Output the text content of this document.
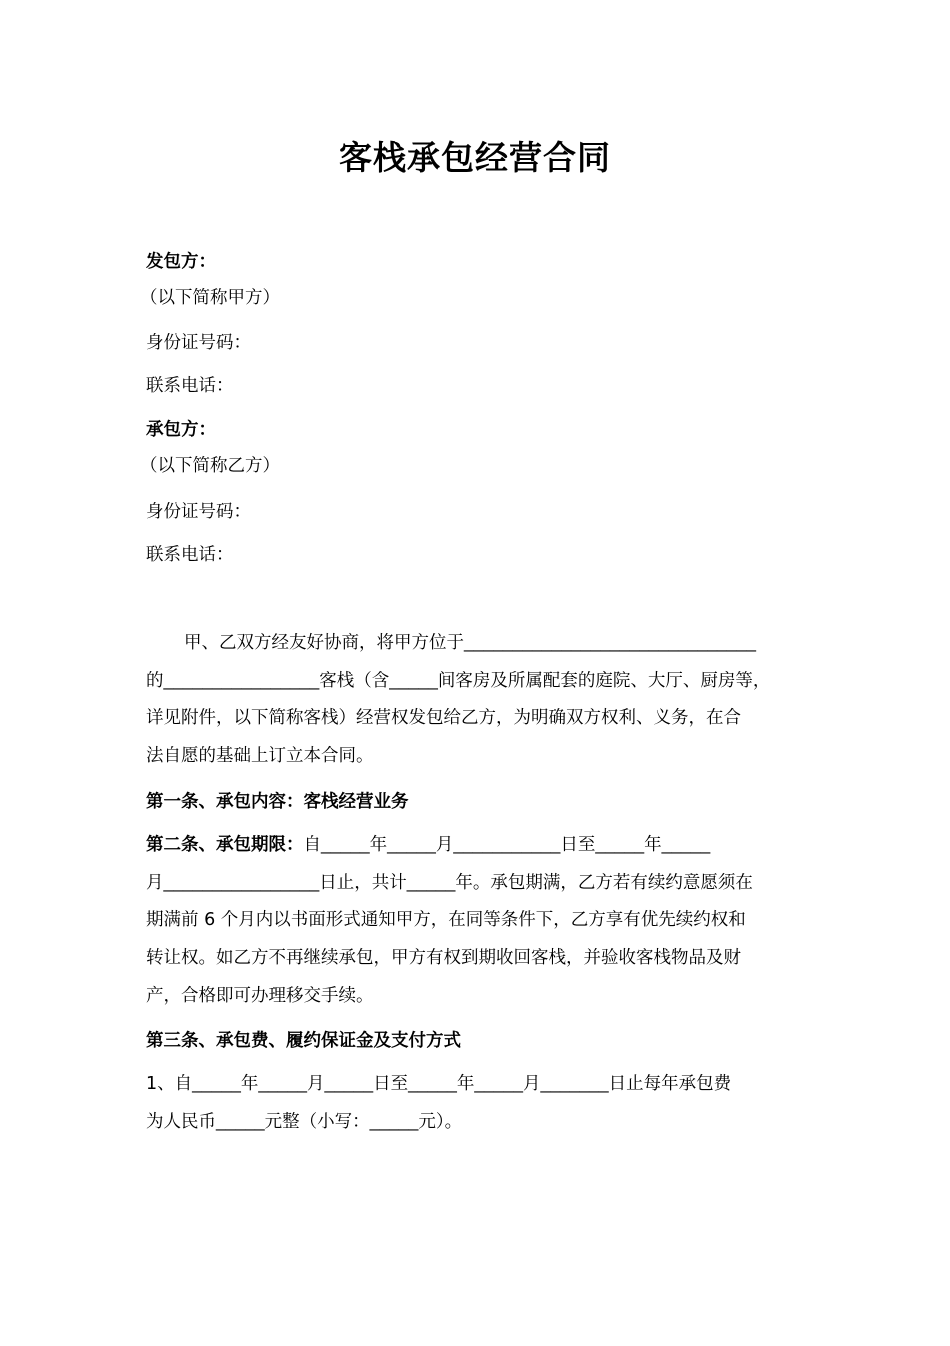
客栈承包经营合同
发包方：
（以下简称甲方）
身份证号码：
联系电话：
承包方：
（以下简称乙方）
身份证号码：
联系电话：
甲、乙双方经友好协商，将甲方位于______________________________
的________________客栈（含_____间客房及所属配套的庭院、大厅、厨房等，
详见附件，以下简称客栈）经营权发包给乙方，为明确双方权利、义务，在合
法自愿的基础上订立本合同。
第一条、承包内容：客栈经营业务
第二条、承包期限：自_____年_____月___________日至_____年_____
月________________日止，共计_____年。承包期满，乙方若有续约意愿须在
期满前 6 个月内以书面形式通知甲方，在同等条件下，乙方享有优先续约权和
转让权。如乙方不再继续承包，甲方有权到期收回客栈，并验收客栈物品及财
产，合格即可办理移交手续。
第三条、承包费、履约保证金及支付方式
1、自_____年_____月_____日至_____年_____月_______日止每年承包费
为人民币_____元整（小写：_____元）。
